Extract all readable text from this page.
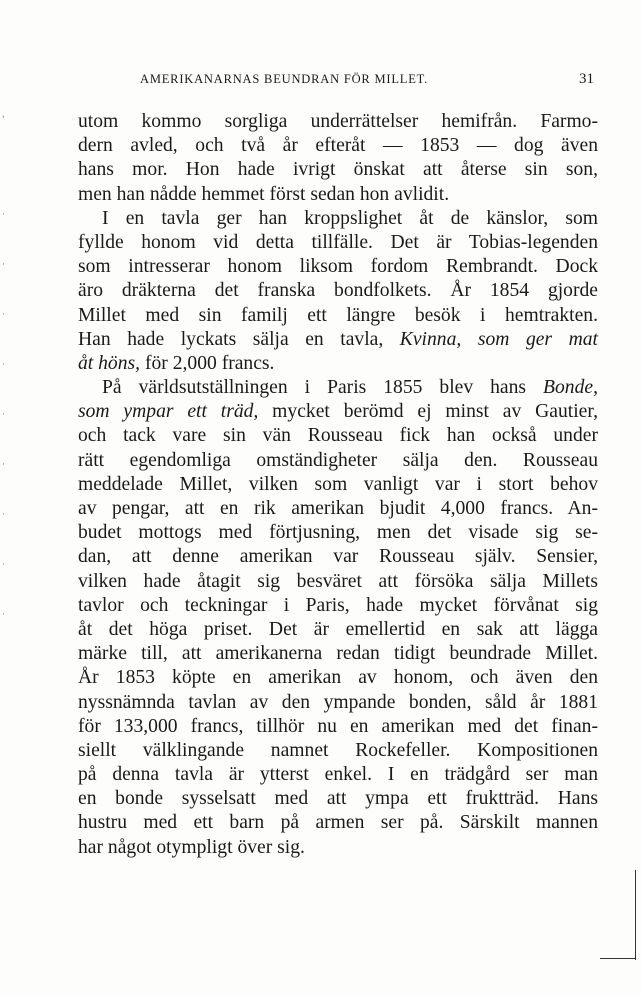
AMERIKANARNAS BEUNDRAN FÖR MILLET.	31
'
·
·
·
·
·
·
·
·
·
utom kommo sorgliga underrättelser hemifrån. Farmo-
dern avled, och två år efteråt — 1853 — dog även
hans mor. Hon hade ivrigt önskat att återse sin son,
men han nådde hemmet först sedan hon avlidit.
I en tavla ger han kroppslighet åt de känslor, som
fyllde honom vid detta tillfälle. Det är Tobias-legenden
som intresserar honom liksom fordom Rembrandt. Dock
äro dräkterna det franska bondfolkets. År 1854 gjorde
Millet med sin familj ett längre besök i hemtrakten.
Han hade lyckats sälja en tavla, Kvinna, som ger mat
åt höns, för 2,000 francs.
På världsutställningen i Paris 1855 blev hans Bonde,
som ympar ett träd, mycket berömd ej minst av Gautier,
och tack vare sin vän Rousseau fick han också under
rätt egendomliga omständigheter sälja den. Rousseau
meddelade Millet, vilken som vanligt var i stort behov
av pengar, att en rik amerikan bjudit 4,000 francs. An-
budet mottogs med förtjusning, men det visade sig se-
dan, att denne amerikan var Rousseau själv. Sensier,
vilken hade åtagit sig besväret att försöka sälja Millets
tavlor och teckningar i Paris, hade mycket förvånat sig
åt det höga priset. Det är emellertid en sak att lägga
märke till, att amerikanerna redan tidigt beundrade Millet.
År 1853 köpte en amerikan av honom, och även den
nyssnämnda tavlan av den ympande bonden, såld år 1881
för 133,000 francs, tillhör nu en amerikan med det finan-
siellt välklingande namnet Rockefeller. Kompositionen
på denna tavla är ytterst enkel. I en trädgård ser man
en bonde sysselsatt med att ympa ett fruktträd. Hans
hustru med ett barn på armen ser på. Särskilt mannen
har något otympligt över sig.
